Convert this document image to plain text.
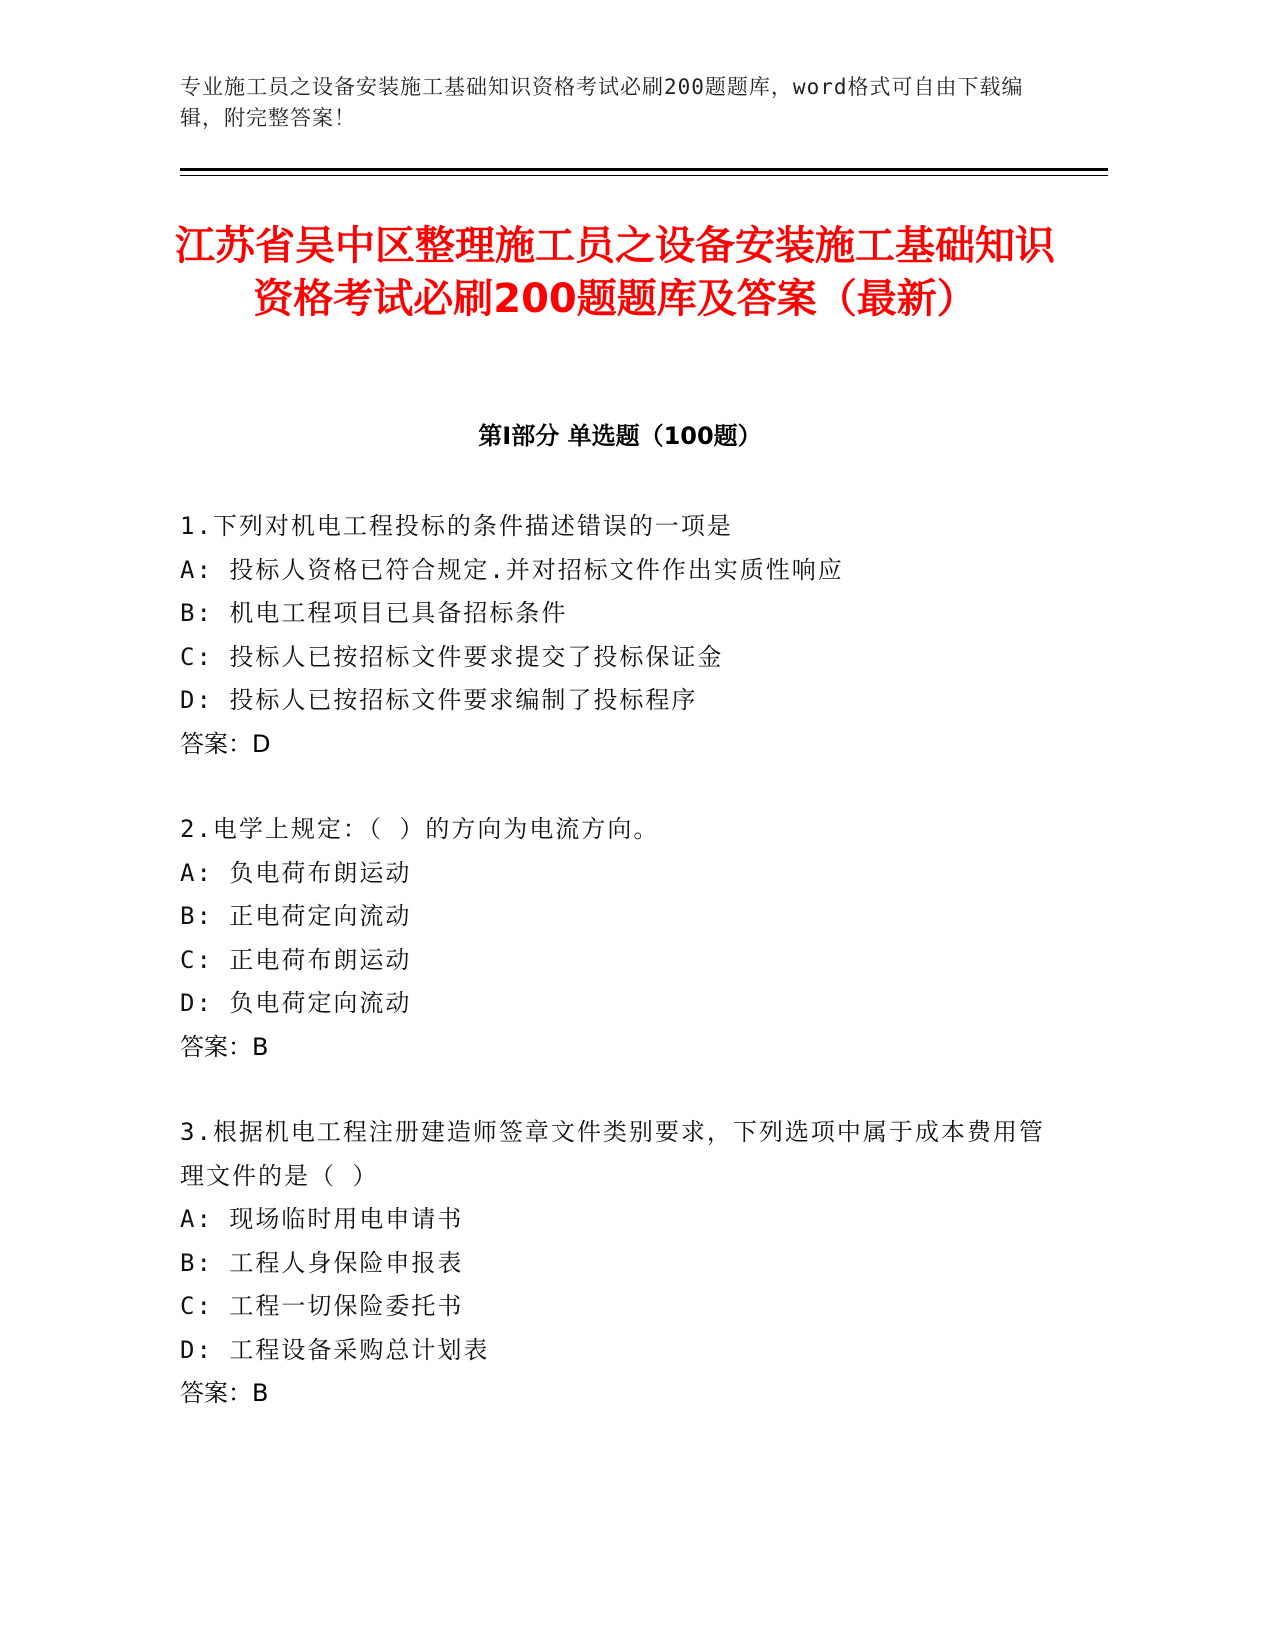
专业施工员之设备安装施工基础知识资格考试必刷200题题库，word格式可自由下载编辑，附完整答案！
江苏省吴中区整理施工员之设备安装施工基础知识资格考试必刷200题题库及答案（最新）
第I部分 单选题（100题）
1.下列对机电工程投标的条件描述错误的一项是
A: 投标人资格已符合规定.并对招标文件作出实质性响应
B: 机电工程项目已具备招标条件
C: 投标人已按招标文件要求提交了投标保证金
D: 投标人已按招标文件要求编制了投标程序
答案：D
2.电学上规定：（ ）的方向为电流方向。
A: 负电荷布朗运动
B: 正电荷定向流动
C: 正电荷布朗运动
D: 负电荷定向流动
答案：B
3.根据机电工程注册建造师签章文件类别要求，下列选项中属于成本费用管理文件的是（ ）
A: 现场临时用电申请书
B: 工程人身保险申报表
C: 工程一切保险委托书
D: 工程设备采购总计划表
答案：B
